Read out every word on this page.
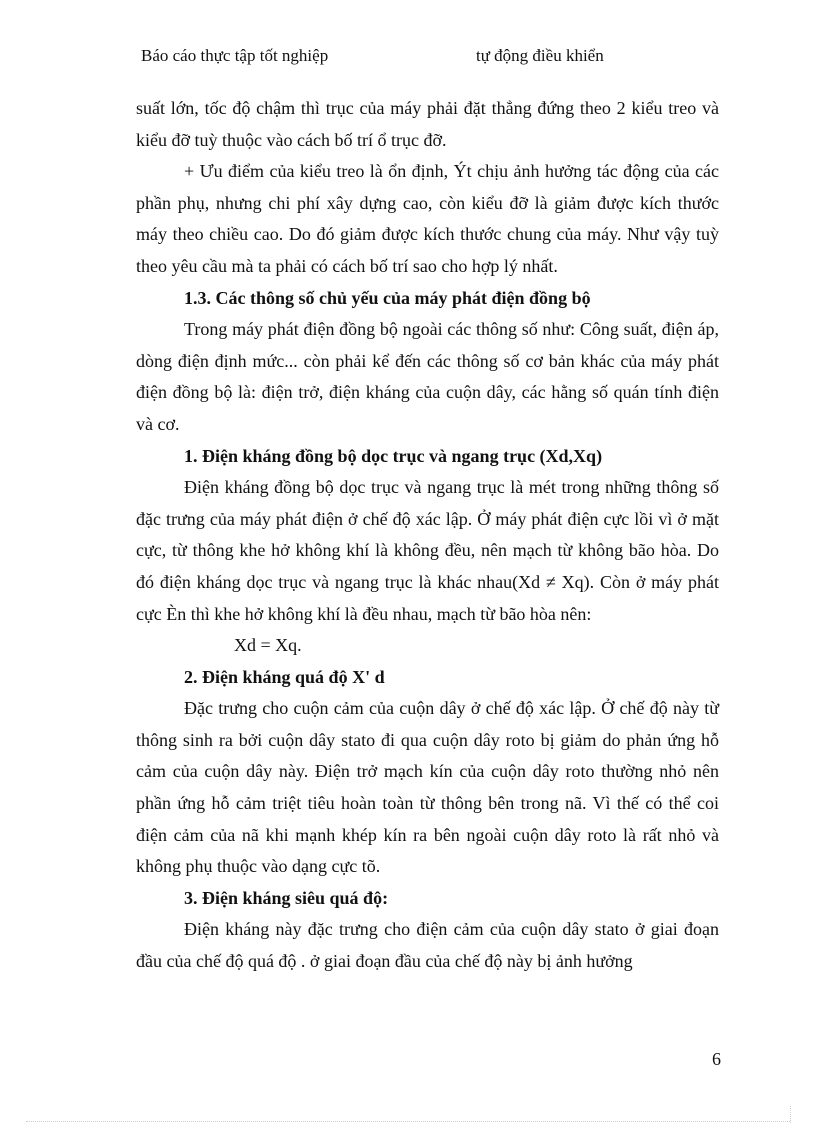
Báo cáo thực tập tốt nghiệp	tự động điều khiển

suất lớn, tốc độ chậm thì trục của máy phải đặt thẳng đứng theo 2 kiểu treo và kiểu đỡ tuỳ thuộc vào cách bố trí ổ trục đỡ.

+ Ưu điểm của kiểu treo là ổn định, Ýt chịu ảnh hưởng tác động của các phần phụ, nhưng chi phí xây dựng cao, còn kiểu đỡ là giảm được kích thước máy theo chiều cao. Do đó giảm được kích thước chung của máy. Như vậy tuỳ theo yêu cầu mà ta phải có cách bố trí sao cho hợp lý nhất.

1.3. Các thông số chủ yếu của máy phát điện đồng bộ

Trong máy phát điện đồng bộ ngoài các thông số như: Công suất, điện áp, dòng điện định mức... còn phải kể đến các thông số cơ bản khác của máy phát điện đồng bộ là: điện trở, điện kháng của cuộn dây, các hằng số quán tính điện và cơ.

1. Điện kháng đồng bộ dọc trục và ngang trục (Xd,Xq)

Điện kháng đồng bộ dọc trục và ngang trục là mét trong những thông số đặc trưng của máy phát điện ở chế độ xác lập. Ở máy phát điện cực lồi vì ở mặt cực, từ thông khe hở không khí là không đều, nên mạch từ không bão hòa. Do đó điện kháng dọc trục và ngang trục là khác nhau(Xd ≠ Xq). Còn ở máy phát cực Èn thì khe hở không khí là đều nhau, mạch từ bão hòa nên:

Xd = Xq.

2. Điện kháng quá độ X' d

Đặc trưng cho cuộn cảm của cuộn dây ở chế độ xác lập. Ở chế độ này từ thông sinh ra bởi cuộn dây stato đi qua cuộn dây roto bị giảm do phản ứng hỗ cảm của cuộn dây này. Điện trở mạch kín của cuộn dây roto thường nhỏ nên phần ứng hỗ cảm triệt tiêu hoàn toàn từ thông bên trong nã. Vì thế có thể coi điện cảm của nã khi mạnh khép kín ra bên ngoài cuộn dây roto là rất nhỏ và không phụ thuộc vào dạng cực tõ.

3. Điện kháng siêu quá độ:

Điện kháng này đặc trưng cho điện cảm của cuộn dây stato ở giai đoạn đầu của chế độ quá độ . ở giai đoạn đầu của chế độ này bị ảnh hưởng

6
